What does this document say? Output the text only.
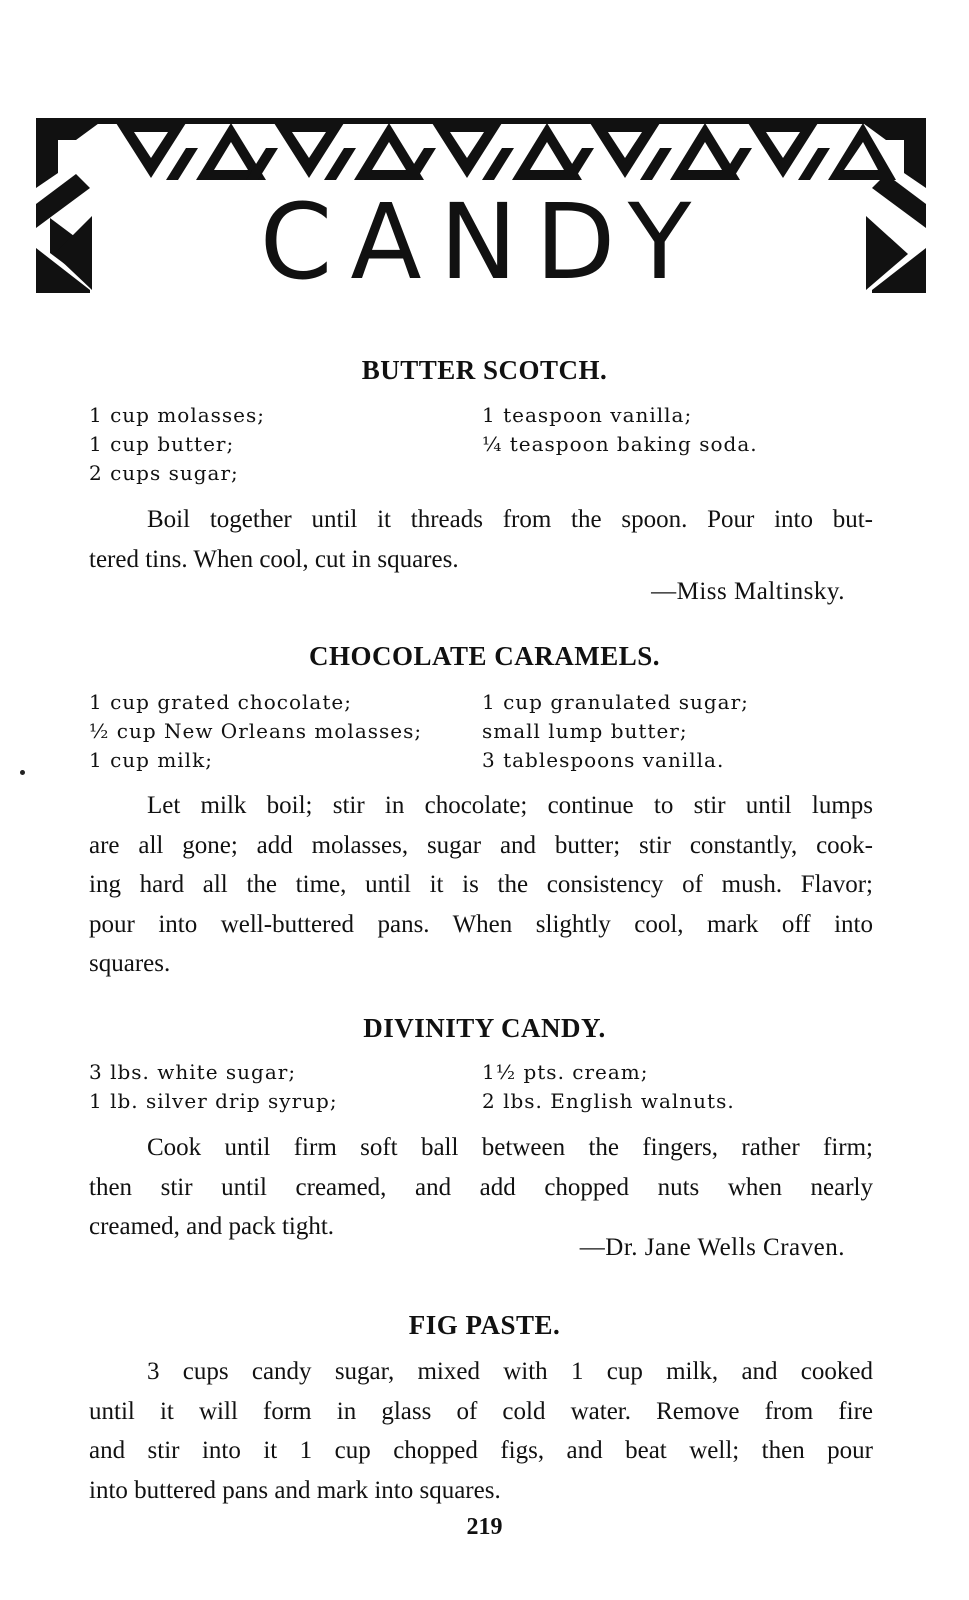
CANDY
BUTTER SCOTCH.
1 cup molasses;
1 cup butter;
2 cups sugar;
1 teaspoon vanilla;
¼ teaspoon baking soda.
Boil together until it threads from the spoon. Pour into but-
tered tins. When cool, cut in squares.
—Miss Maltinsky.
CHOCOLATE CARAMELS.
1 cup grated chocolate;
½ cup New Orleans molasses;
1 cup milk;
1 cup granulated sugar;
small lump butter;
3 tablespoons vanilla.
Let milk boil; stir in chocolate; continue to stir until lumps
are all gone; add molasses, sugar and butter; stir constantly, cook-
ing hard all the time, until it is the consistency of mush. Flavor;
pour into well-buttered pans. When slightly cool, mark off into
squares.
DIVINITY CANDY.
3 lbs. white sugar;
1 lb. silver drip syrup;
1½ pts. cream;
2 lbs. English walnuts.
Cook until firm soft ball between the fingers, rather firm;
then stir until creamed, and add chopped nuts when nearly
creamed, and pack tight.
—Dr. Jane Wells Craven.
FIG PASTE.
3 cups candy sugar, mixed with 1 cup milk, and cooked
until it will form in glass of cold water. Remove from fire
and stir into it 1 cup chopped figs, and beat well; then pour
into buttered pans and mark into squares.
219
